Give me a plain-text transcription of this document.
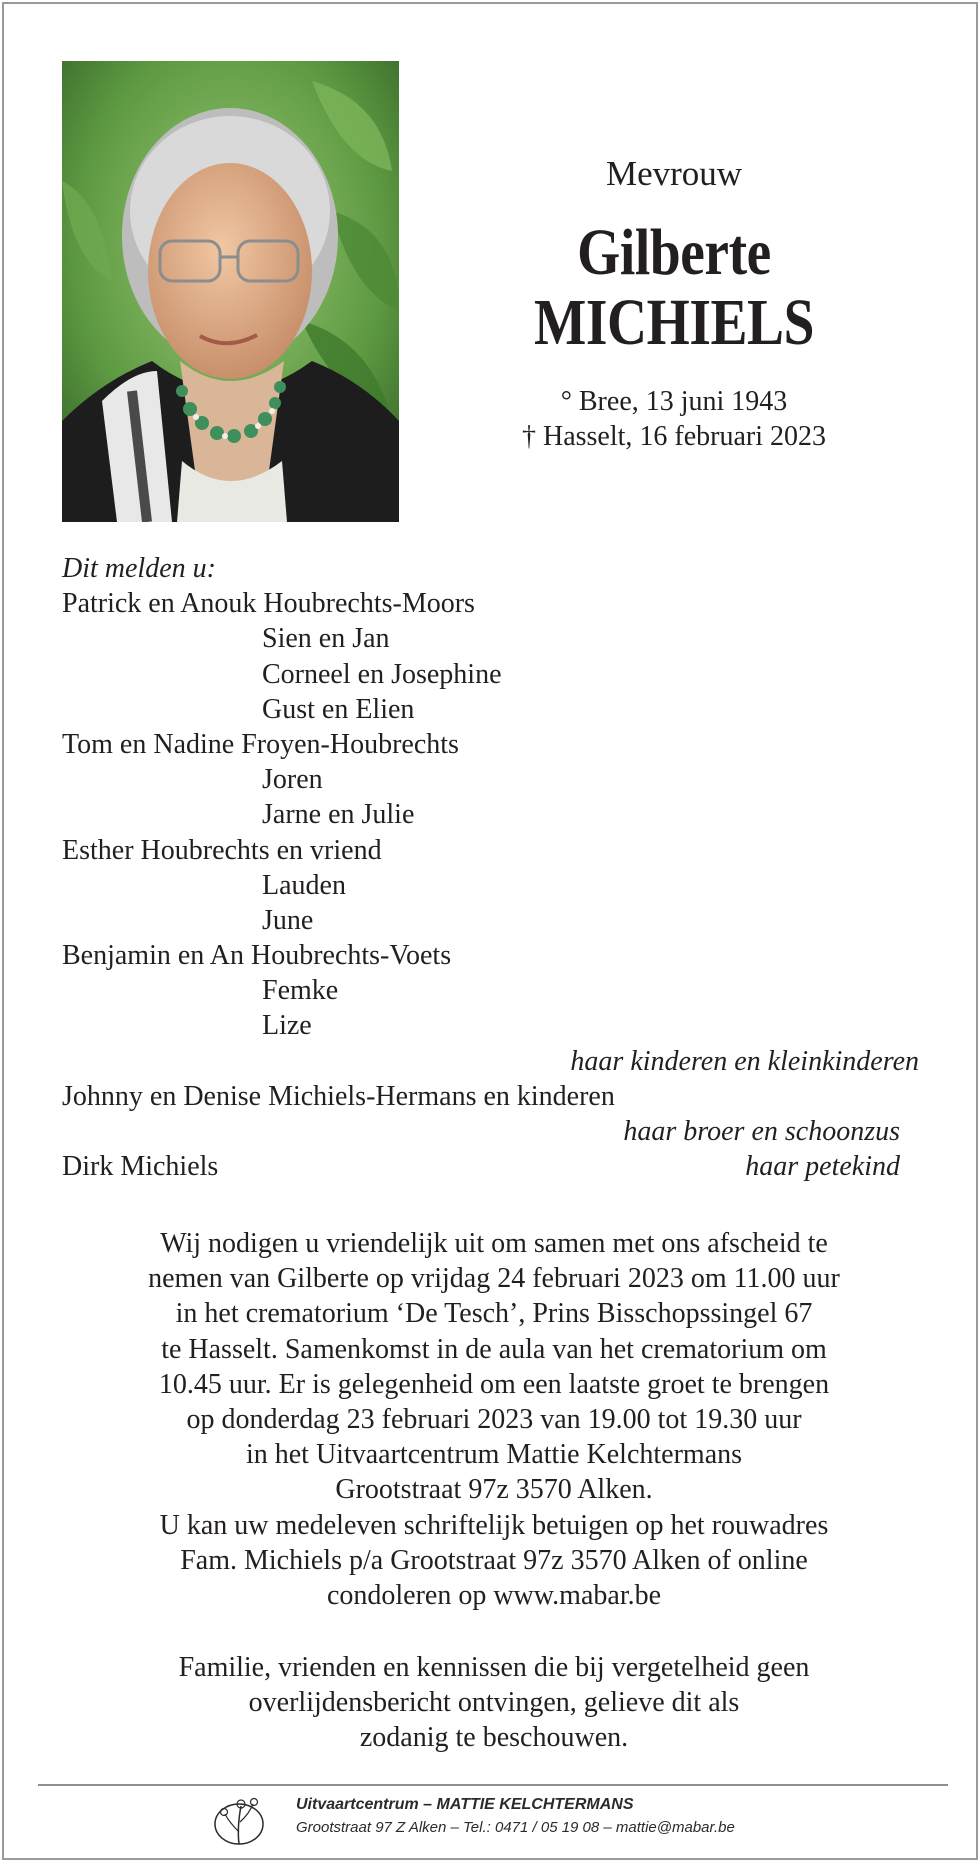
Mevrouw
Gilberte MICHIELS
° Bree, 13 juni 1943
† Hasselt, 16 februari 2023
Dit melden u:
Patrick en Anouk Houbrechts-Moors
Sien en Jan
Corneel en Josephine
Gust en Elien
Tom en Nadine Froyen-Houbrechts
Joren
Jarne en Julie
Esther Houbrechts en vriend
Lauden
June
Benjamin en An Houbrechts-Voets
Femke
Lize
haar kinderen en kleinkinderen
Johnny en Denise Michiels-Hermans en kinderen
haar broer en schoonzus
Dirk Michiels	haar petekind
Wij nodigen u vriendelijk uit om samen met ons afscheid te
nemen van Gilberte op vrijdag 24 februari 2023 om 11.00 uur
in het crematorium ‘De Tesch’, Prins Bisschopssingel 67
te Hasselt. Samenkomst in de aula van het crematorium om
10.45 uur. Er is gelegenheid om een laatste groet te brengen
op donderdag 23 februari 2023 van 19.00 tot 19.30 uur
in het Uitvaartcentrum Mattie Kelchtermans
Grootstraat 97z 3570 Alken.
U kan uw medeleven schriftelijk betuigen op het rouwadres
Fam. Michiels p/a Grootstraat 97z 3570 Alken of online
condoleren op www.mabar.be
Familie, vrienden en kennissen die bij vergetelheid geen
overlijdensbericht ontvingen, gelieve dit als
zodanig te beschouwen.
Uitvaartcentrum – MATTIE KELCHTERMANS
Grootstraat 97 Z Alken – Tel.: 0471 / 05 19 08 – mattie@mabar.be
